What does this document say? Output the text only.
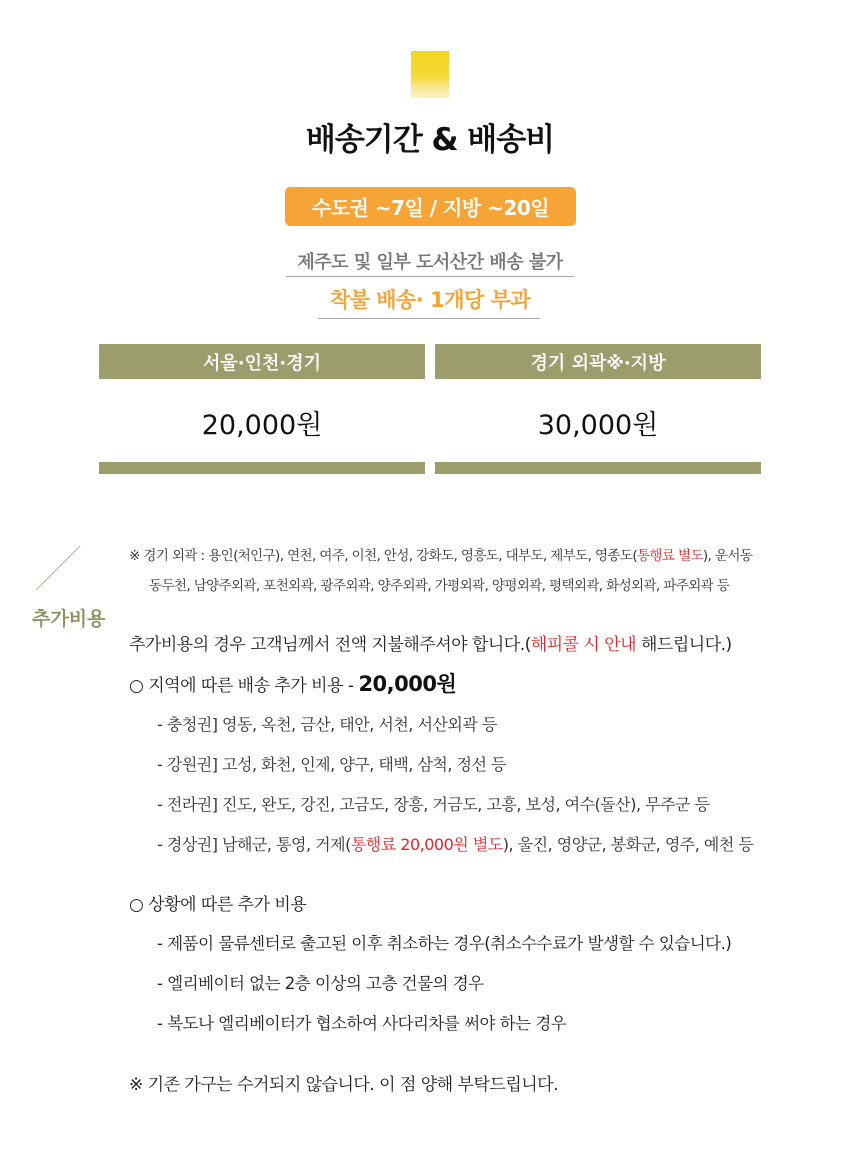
배송기간 & 배송비
수도권 ~7일 / 지방 ~20일
제주도 및 일부 도서산간 배송 불가
착불 배송· 1개당 부과
서울·인천·경기	경기 외곽※·지방
20,000원	30,000원
추가비용
※ 경기 외곽 : 용인(처인구), 연천, 여주, 이천, 안성, 강화도, 영흥도, 대부도, 제부도, 영종도(통행료 별도), 운서동
동두천, 남양주외곽, 포천외곽, 광주외곽, 양주외곽, 가평외곽, 양평외곽, 평택외곽, 화성외곽, 파주외곽 등
추가비용의 경우 고객님께서 전액 지불해주셔야 합니다.(해피콜 시 안내 해드립니다.)
○ 지역에 따른 배송 추가 비용 - 20,000원
- 충청권] 영동, 옥천, 금산, 태안, 서천, 서산외곽 등
- 강원권] 고성, 화천, 인제, 양구, 태백, 삼척, 정선 등
- 전라권] 진도, 완도, 강진, 고금도, 장흥, 거금도, 고흥, 보성, 여수(돌산), 무주군 등
- 경상권] 남해군, 통영, 거제(통행료 20,000원 별도), 울진, 영양군, 봉화군, 영주, 예천 등
○ 상황에 따른 추가 비용
- 제품이 물류센터로 출고된 이후 취소하는 경우(취소수수료가 발생할 수 있습니다.)
- 엘리베이터 없는 2층 이상의 고층 건물의 경우
- 복도나 엘리베이터가 협소하여 사다리차를 써야 하는 경우
※ 기존 가구는 수거되지 않습니다. 이 점 양해 부탁드립니다.
